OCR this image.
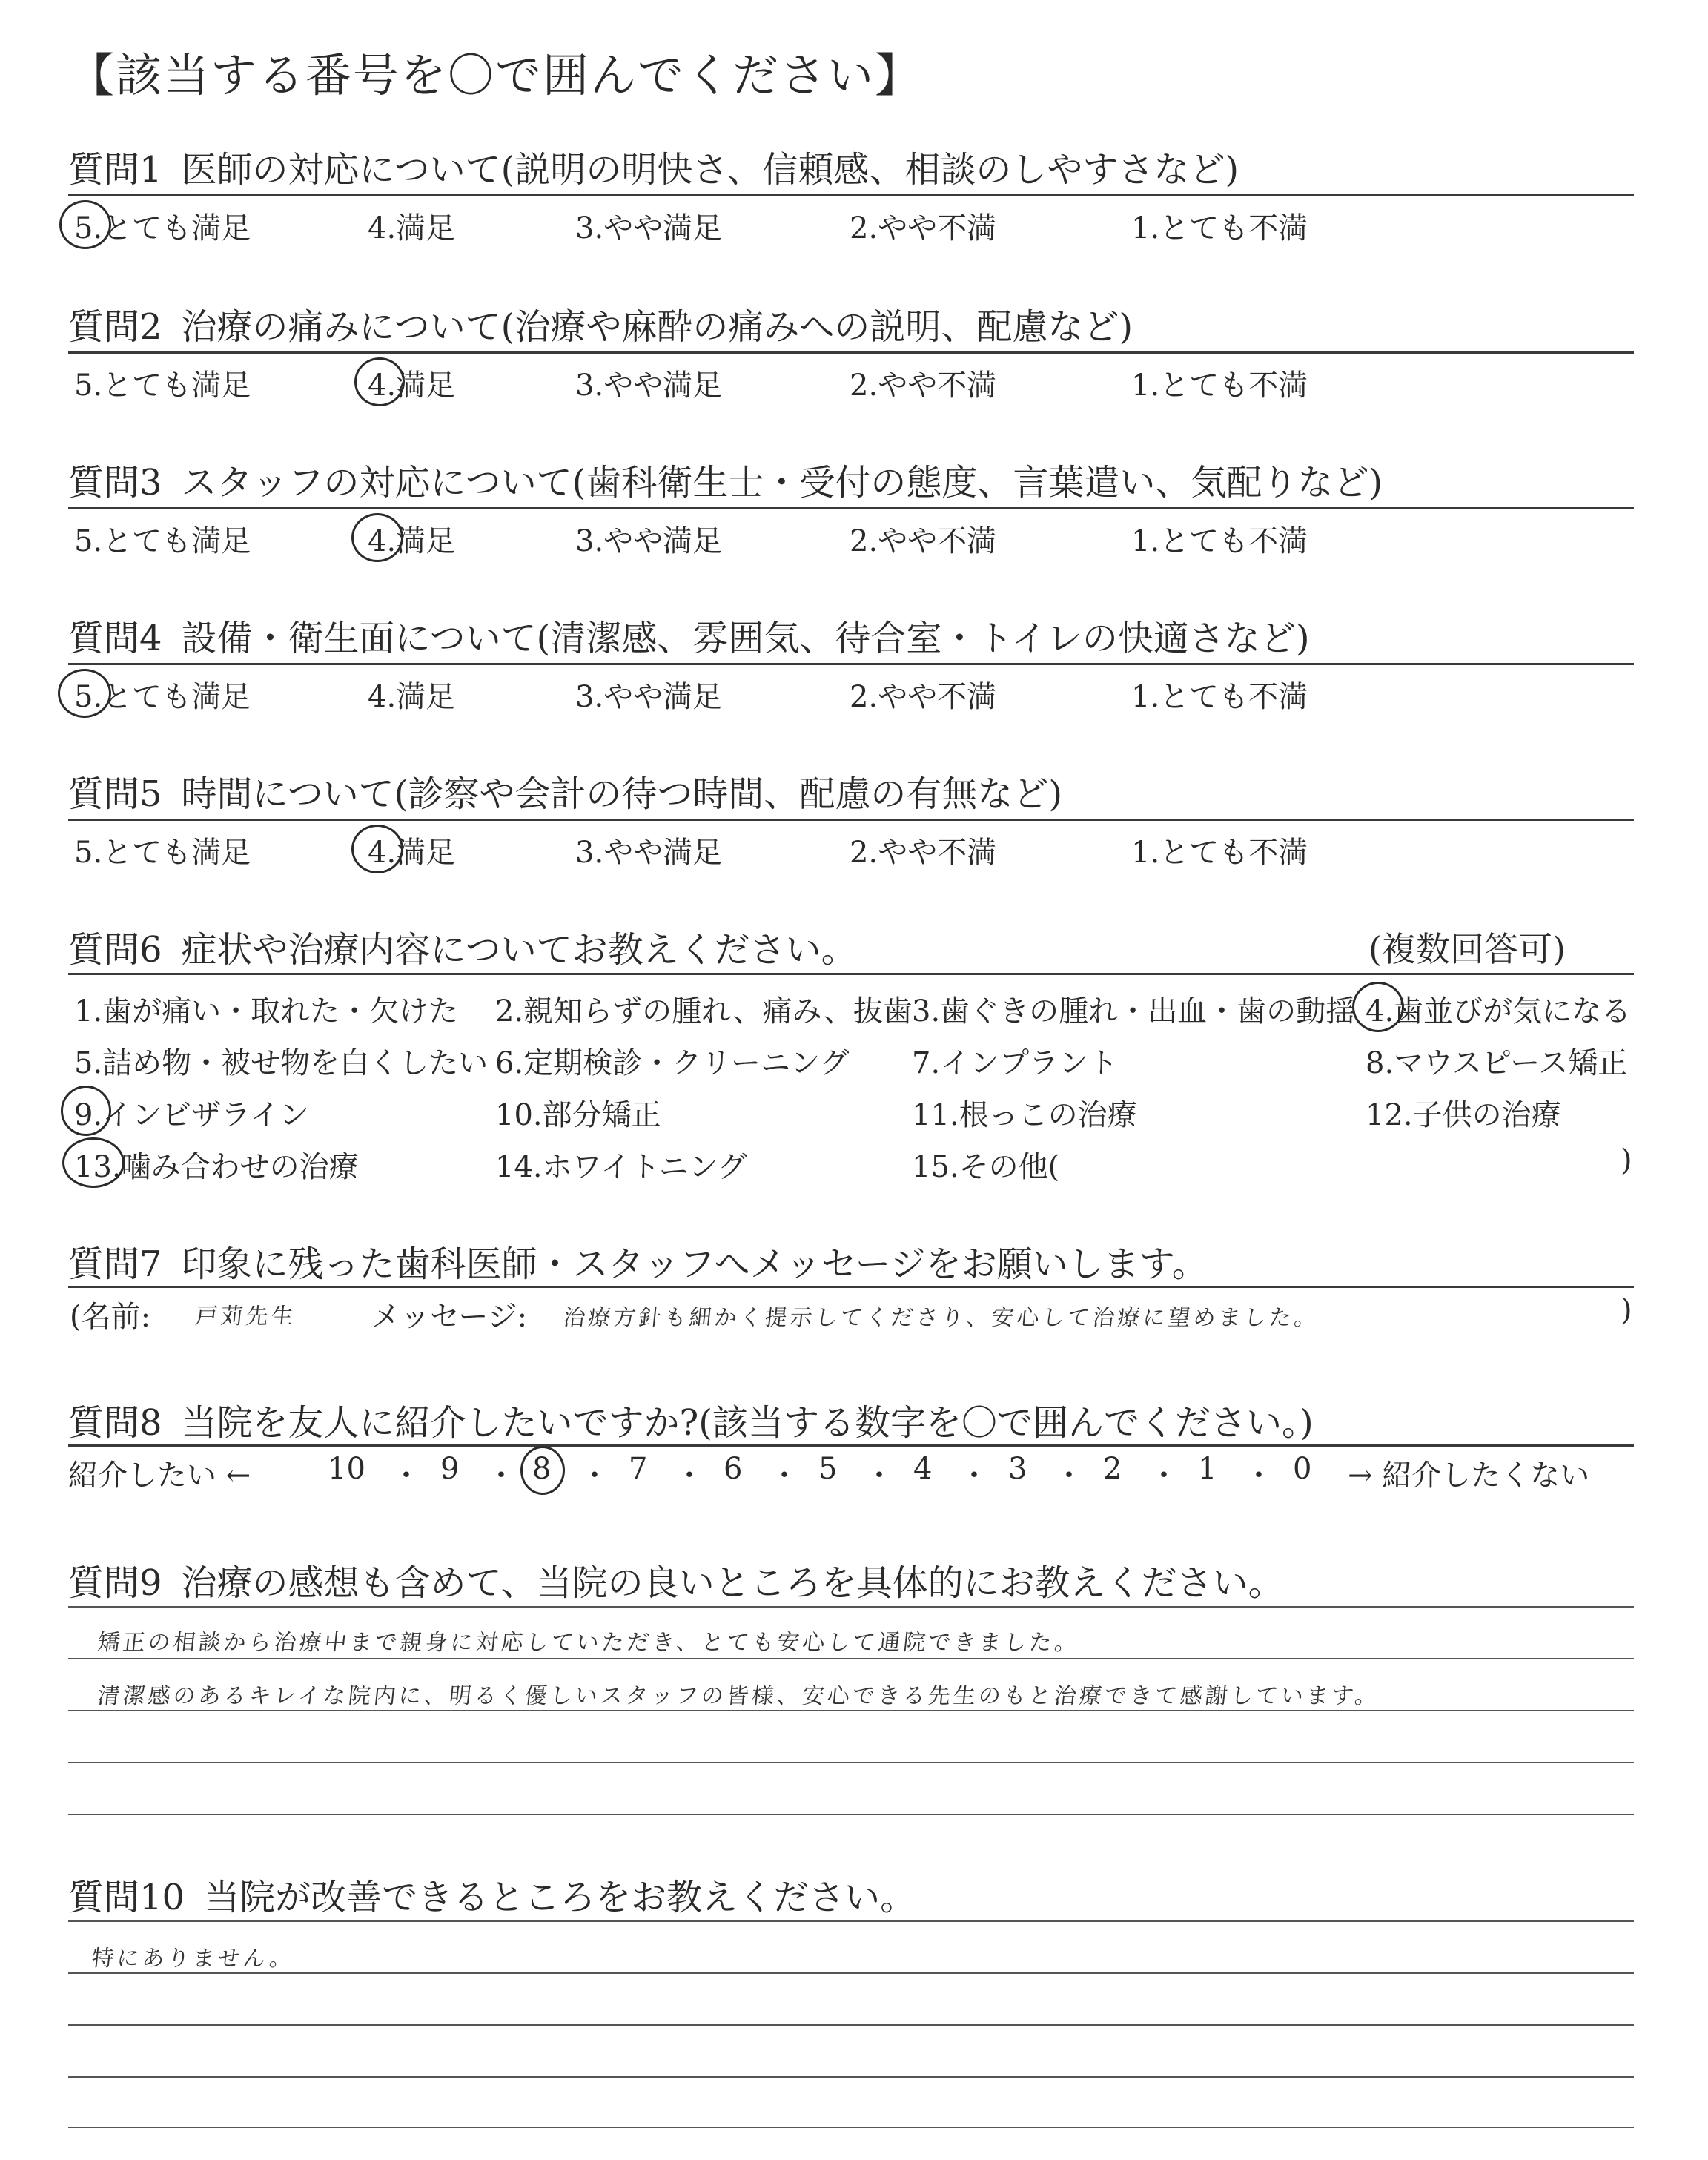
【該当する番号を〇で囲んでください】
質問1 医師の対応について(説明の明快さ、信頼感、相談のしやすさなど)
5.とても満足	4.満足	3.やや満足	2.やや不満	1.とても不満
質問2 治療の痛みについて(治療や麻酔の痛みへの説明、配慮など)
5.とても満足	4.満足	3.やや満足	2.やや不満	1.とても不満
質問3 スタッフの対応について(歯科衛生士・受付の態度、言葉遣い、気配りなど)
5.とても満足	4.満足	3.やや満足	2.やや不満	1.とても不満
質問4 設備・衛生面について(清潔感、雰囲気、待合室・トイレの快適さなど)
5.とても満足	4.満足	3.やや満足	2.やや不満	1.とても不満
質問5 時間について(診察や会計の待つ時間、配慮の有無など)
5.とても満足	4.満足	3.やや満足	2.やや不満	1.とても不満
質問6 症状や治療内容についてお教えください。	(複数回答可)
1.歯が痛い・取れた・欠けた 2.親知らずの腫れ、痛み、抜歯 3.歯ぐきの腫れ・出血・歯の動揺 4.歯並びが気になる
5.詰め物・被せ物を白くしたい 6.定期検診・クリーニング 7.インプラント	8.マウスピース矯正
9.インビザライン	10.部分矯正	11.根っこの治療	12.子供の治療
13.噛み合わせの治療	14.ホワイトニング	15.その他(	)
質問7 印象に残った歯科医師・スタッフへメッセージをお願いします。
(名前: 戸苅先生 メッセージ: 治療方針も細かく提示してくださり、安心して治療に望めました。	)
質問8 当院を友人に紹介したいですか?(該当する数字を〇で囲んでください。)
紹介したい ←	10 ・ 9 ・ 8 ・ 7 ・ 6 ・ 5 ・ 4 ・ 3 ・ 2 ・ 1 ・ 0 → 紹介したくない
質問9 治療の感想も含めて、当院の良いところを具体的にお教えください。
矯正の相談から治療中まで親身に対応していただき、とても安心して通院できました。
清潔感のあるキレイな院内に、明るく優しいスタッフの皆様、安心できる先生のもと治療できて感謝しています。
質問10 当院が改善できるところをお教えください。
特にありません。
